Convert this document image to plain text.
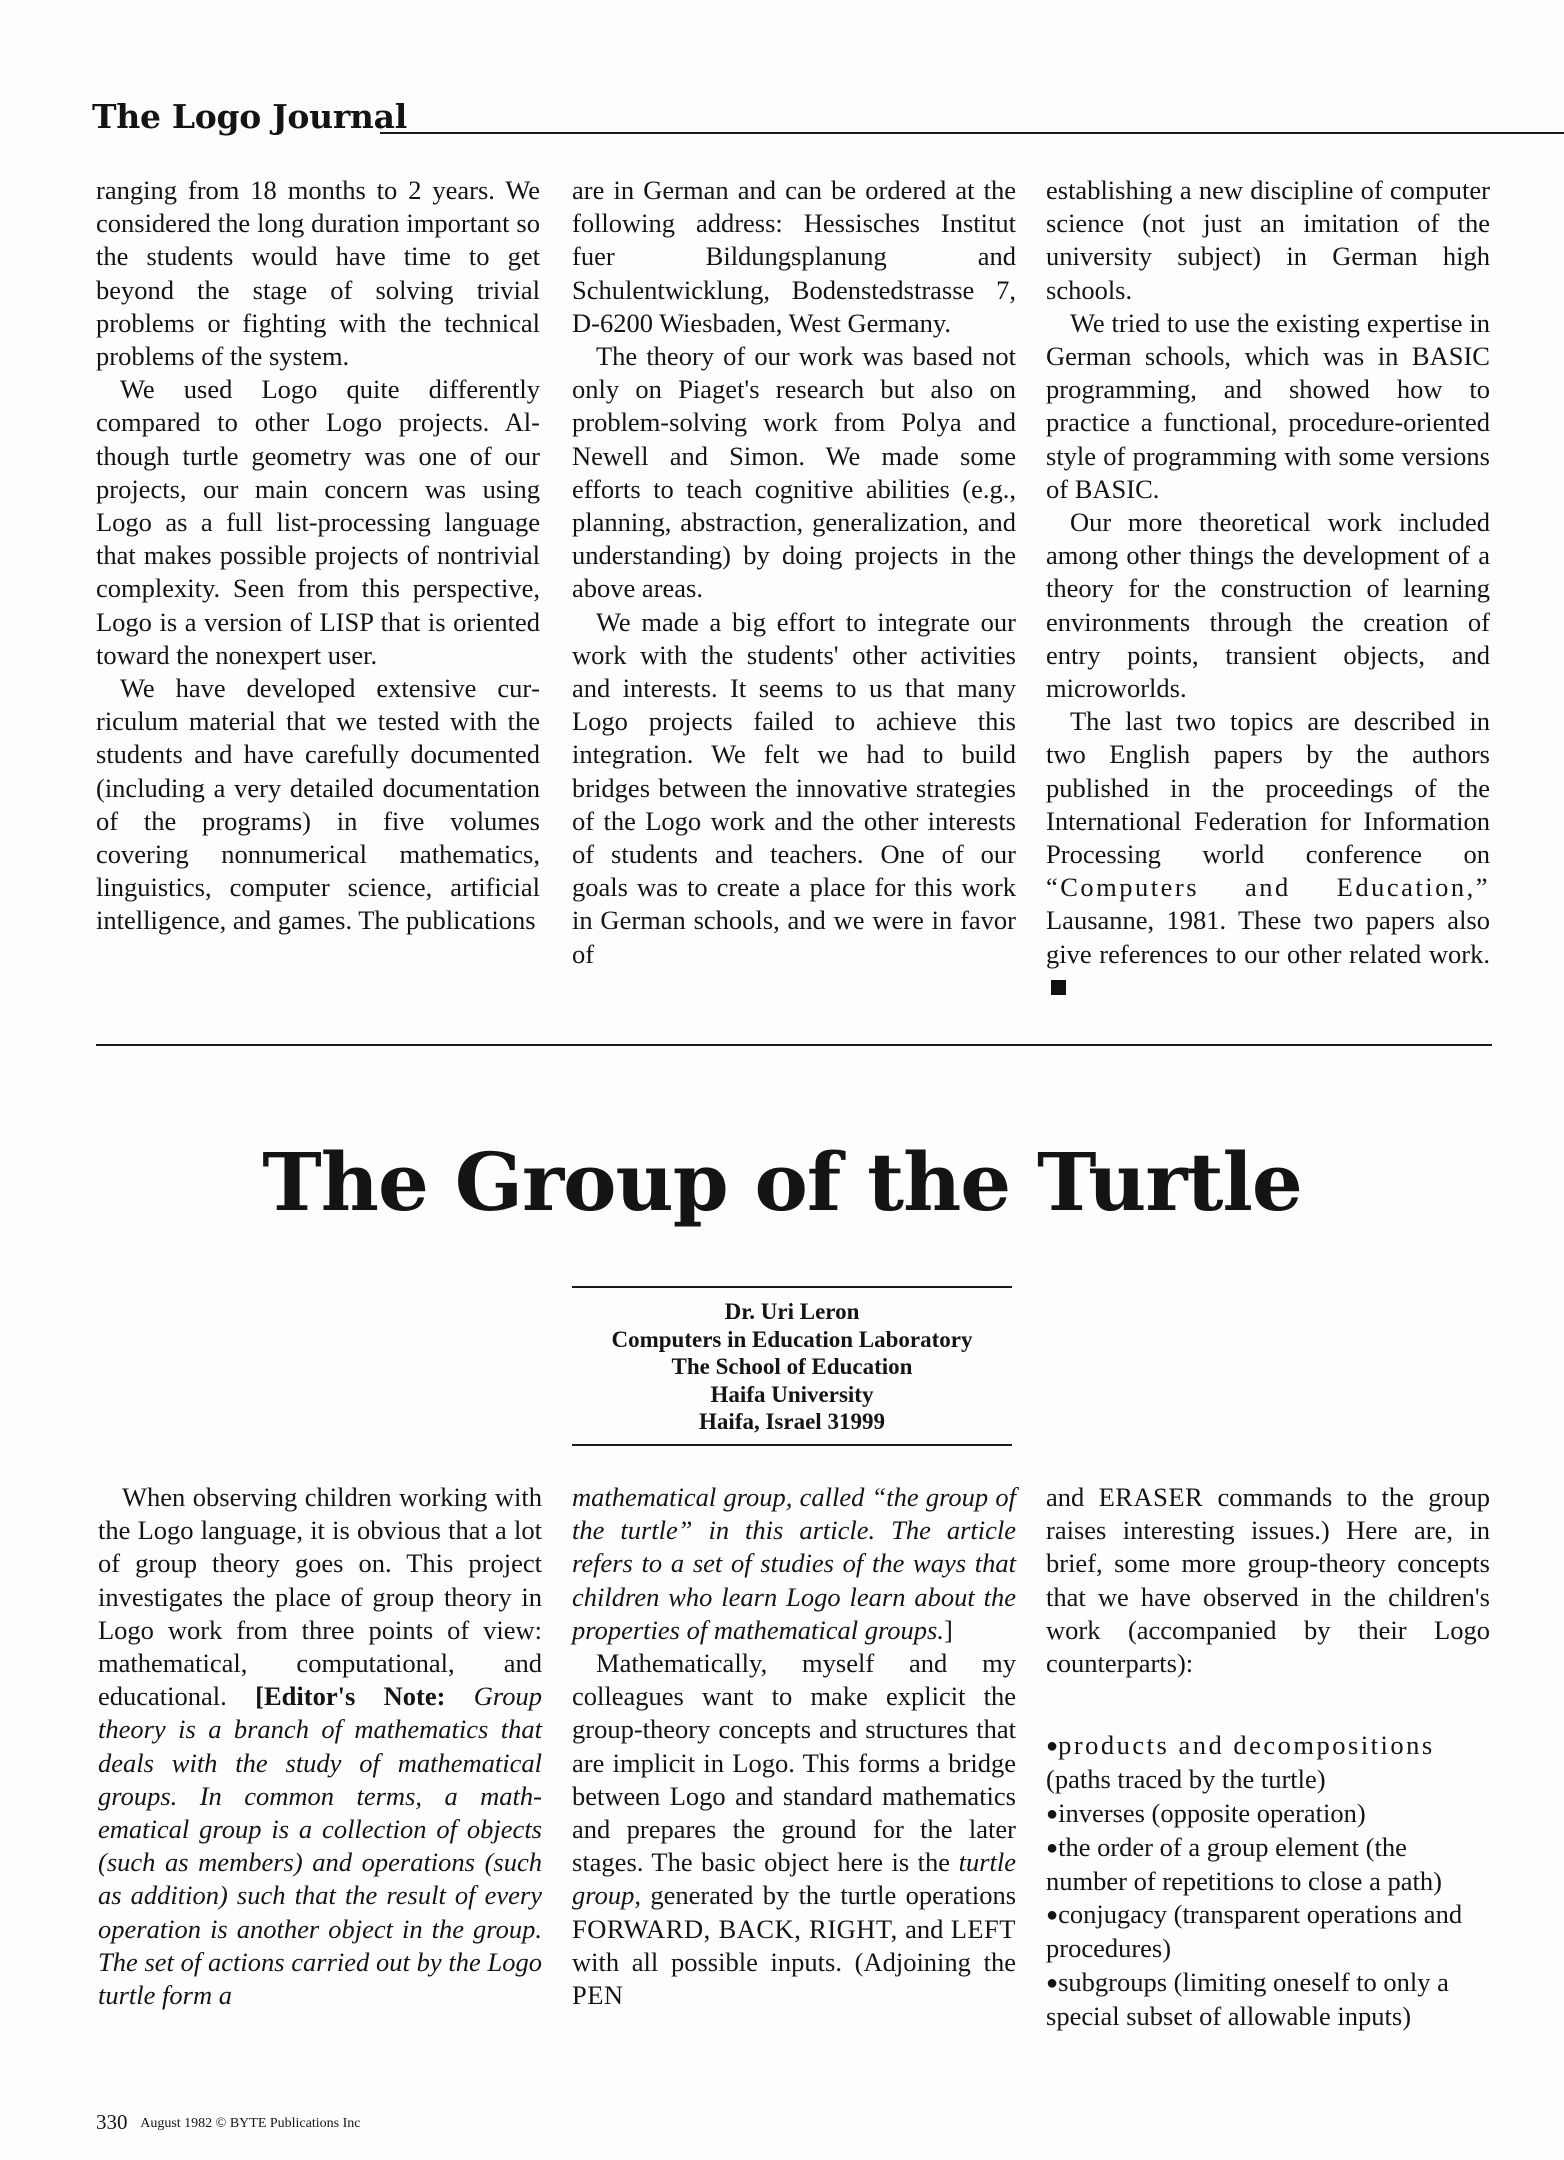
The Logo Journal

ranging from 18 months to 2 years. We considered the long duration important so the students would have time to get beyond the stage of solving trivial problems or fighting with the technical problems of the system.

We used Logo quite differently compared to other Logo projects. Although turtle geometry was one of our projects, our main concern was using Logo as a full list-processing language that makes possible projects of nontrivial complexity. Seen from this perspective, Logo is a version of LISP that is oriented toward the nonexpert user.

We have developed extensive curriculum material that we tested with the students and have carefully documented (including a very detailed documentation of the programs) in five volumes covering nonnumerical mathematics, linguistics, computer science, artificial intelligence, and games. The publications

are in German and can be ordered at the following address: Hessisches Institut fuer Bildungsplanung and Schulentwicklung, Bodenstedstrasse 7, D-6200 Wiesbaden, West Germany.

The theory of our work was based not only on Piaget's research but also on problem-solving work from Polya and Newell and Simon. We made some efforts to teach cognitive abilities (e.g., planning, abstraction, generalization, and understanding) by doing projects in the above areas.

We made a big effort to integrate our work with the students' other activities and interests. It seems to us that many Logo projects failed to achieve this integration. We felt we had to build bridges between the innovative strategies of the Logo work and the other interests of students and teachers. One of our goals was to create a place for this work in German schools, and we were in favor of

establishing a new discipline of computer science (not just an imitation of the university subject) in German high schools.

We tried to use the existing expertise in German schools, which was in BASIC programming, and showed how to practice a functional, procedure-oriented style of programming with some versions of BASIC.

Our more theoretical work included among other things the development of a theory for the construction of learning environments through the creation of entry points, transient objects, and microworlds.

The last two topics are described in two English papers by the authors published in the proceedings of the International Federation for Information Processing world conference on “Computers and Education,” Lausanne, 1981. These two papers also give references to our other related work.

The Group of the Turtle
Dr. Uri Leron
Computers in Education Laboratory
The School of Education
Haifa University
Haifa, Israel 31999

When observing children working with the Logo language, it is obvious that a lot of group theory goes on. This project investigates the place of group theory in Logo work from three points of view: mathematical, computational, and educational. [Editor's Note: Group theory is a branch of mathematics that deals with the study of mathematical groups. In common terms, a mathematical group is a collection of objects (such as members) and operations (such as addition) such that the result of every operation is another object in the group. The set of actions carried out by the Logo turtle form a

mathematical group, called “the group of the turtle” in this article. The article refers to a set of studies of the ways that children who learn Logo learn about the properties of mathematical groups.]

Mathematically, myself and my colleagues want to make explicit the group-theory concepts and structures that are implicit in Logo. This forms a bridge between Logo and standard mathematics and prepares the ground for the later stages. The basic object here is the turtle group, generated by the turtle operations FORWARD, BACK, RIGHT, and LEFT with all possible inputs. (Adjoining the PEN

and ERASER commands to the group raises interesting issues.) Here are, in brief, some more group-theory concepts that we have observed in the children's work (accompanied by their Logo counterparts):

●products and decompositions (paths traced by the turtle)
●inverses (opposite operation)
●the order of a group element (the number of repetitions to close a path)
●conjugacy (transparent operations and procedures)
●subgroups (limiting oneself to only a special subset of allowable inputs)
330 August 1982 © BYTE Publications Inc
